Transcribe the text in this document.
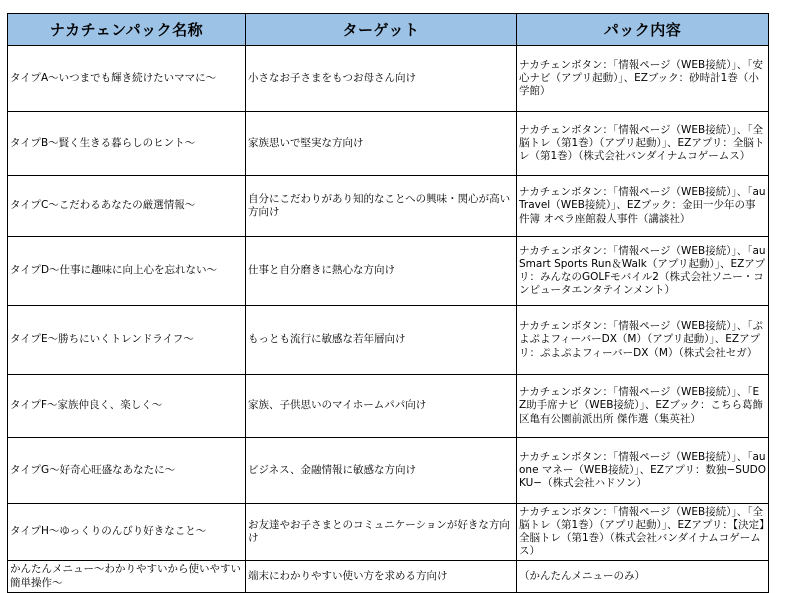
ナカチェンパック名称	ターゲット	パック内容
タイプA〜いつまでも輝き続けたいママに〜	小さなお子さまをもつお母さん向け	ナカチェンボタン：「情報ページ（WEB接続）」、「安心ナビ（アプリ起動）」、EZブック：砂時計1巻（小学館）
タイプB〜賢く生きる暮らしのヒント〜	家族思いで堅実な方向け	ナカチェンボタン：「情報ページ（WEB接続）」、「全脳トレ（第1巻）（アプリ起動）」、EZアプリ：全脳トレ（第1巻）（株式会社バンダイナムコゲームス）
タイプC〜こだわるあなたの厳選情報〜	自分にこだわりがあり知的なことへの興味・関心が高い方向け	ナカチェンボタン：「情報ページ（WEB接続）」、「au Travel（WEB接続）」、EZブック：金田一少年の事件簿 オペラ座館殺人事件（講談社）
タイプD〜仕事に趣味に向上心を忘れない〜	仕事と自分磨きに熱心な方向け	ナカチェンボタン：「情報ページ（WEB接続）」、「au Smart Sports Run＆Walk（アプリ起動）」、EZアプリ：みんなのGOLFモバイル2（株式会社ソニー・コンピュータエンタテインメント）
タイプE〜勝ちにいくトレンドライフ〜	もっとも流行に敏感な若年層向け	ナカチェンボタン：「情報ページ（WEB接続）」、「ぷよぷよフィーバーDX（M）（アプリ起動）」、EZアプリ：ぷよぷよフィーバーDX（M）（株式会社セガ）
タイプF〜家族仲良く、楽しく〜	家族、子供思いのマイホームパパ向け	ナカチェンボタン：「情報ページ（WEB接続）」、「EZ助手席ナビ（WEB接続）」、EZブック：こちら葛飾区亀有公園前派出所 傑作選（集英社）
タイプG〜好奇心旺盛なあなたに〜	ビジネス、金融情報に敏感な方向け	ナカチェンボタン：「情報ページ（WEB接続）」、「au one マネー（WEB接続）」、EZアプリ：数独−SUDOKU−（株式会社ハドソン）
タイプH〜ゆっくりのんびり好きなこと〜	お友達やお子さまとのコミュニケーションが好きな方向け	ナカチェンボタン：「情報ページ（WEB接続）」、「全脳トレ（第1巻）（アプリ起動）」、EZアプリ：【決定】全脳トレ（第1巻）（株式会社バンダイナムコゲームス）
かんたんメニュー〜わかりやすいから使いやすい簡単操作〜	端末にわかりやすい使い方を求める方向け	（かんたんメニューのみ）
